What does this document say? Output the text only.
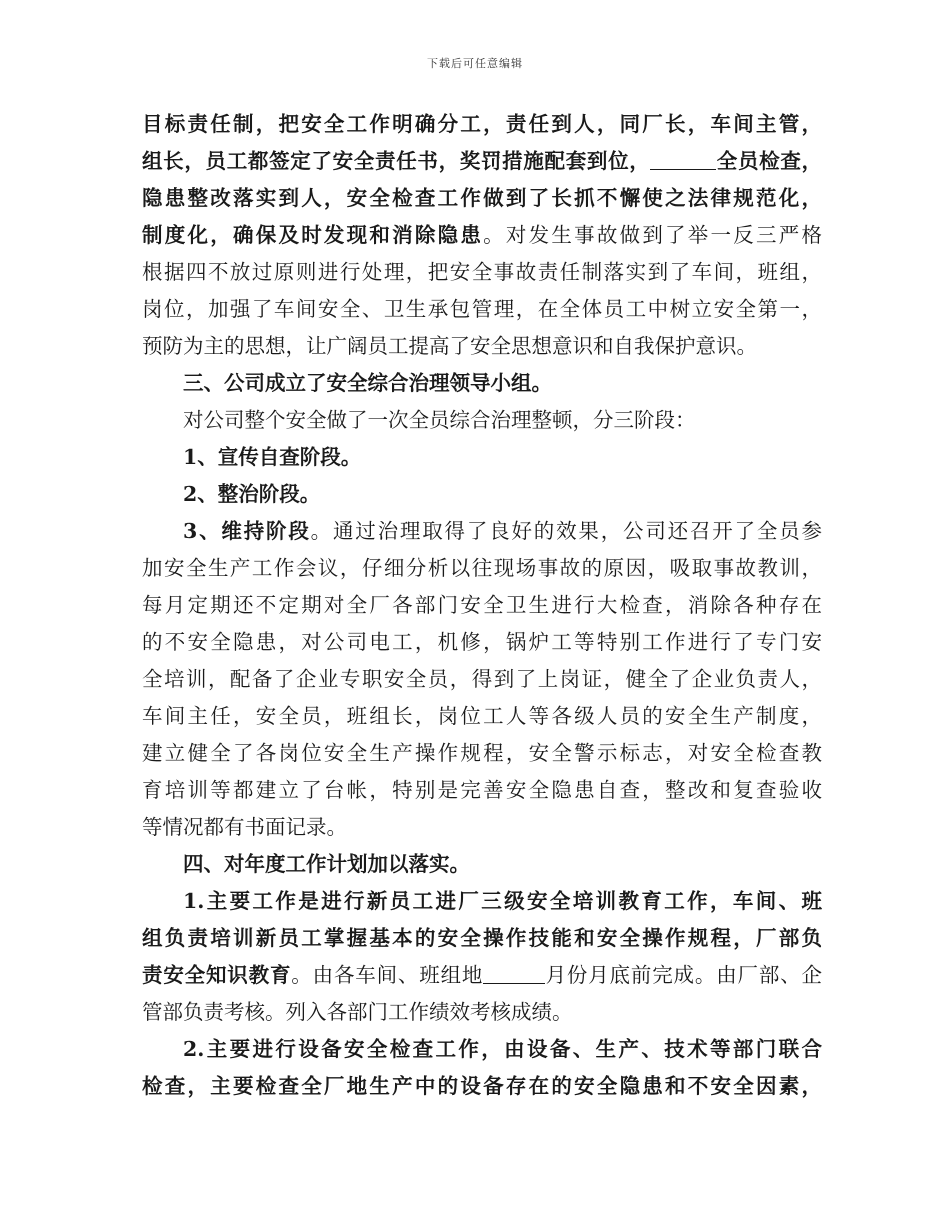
下载后可任意编辑
目标责任制，把安全工作明确分工，责任到人，同厂长，车间主管，
组长，员工都签定了安全责任书，奖罚措施配套到位，	全员检查，
隐患整改落实到人，安全检查工作做到了长抓不懈使之法律规范化，
制度化，确保及时发现和消除隐患。对发生事故做到了举一反三严格
根据四不放过原则进行处理，把安全事故责任制落实到了车间，班组，
岗位，加强了车间安全、卫生承包管理，在全体员工中树立安全第一，
预防为主的思想，让广阔员工提高了安全思想意识和自我保护意识。
三、公司成立了安全综合治理领导小组。
对公司整个安全做了一次全员综合治理整顿，分三阶段：
1、宣传自查阶段。
2、整治阶段。
3、维持阶段。通过治理取得了良好的效果，公司还召开了全员参
加安全生产工作会议，仔细分析以往现场事故的原因，吸取事故教训，
每月定期还不定期对全厂各部门安全卫生进行大检查，消除各种存在
的不安全隐患，对公司电工，机修，锅炉工等特别工作进行了专门安
全培训，配备了企业专职安全员，得到了上岗证，健全了企业负责人，
车间主任，安全员，班组长，岗位工人等各级人员的安全生产制度，
建立健全了各岗位安全生产操作规程，安全警示标志，对安全检查教
育培训等都建立了台帐，特别是完善安全隐患自查，整改和复查验收
等情况都有书面记录。
四、对年度工作计划加以落实。
1.主要工作是进行新员工进厂三级安全培训教育工作，车间、班
组负责培训新员工掌握基本的安全操作技能和安全操作规程，厂部负
责安全知识教育。由各车间、班组地	月份月底前完成。由厂部、企
管部负责考核。列入各部门工作绩效考核成绩。
2.主要进行设备安全检查工作，由设备、生产、技术等部门联合
检查，主要检查全厂地生产中的设备存在的安全隐患和不安全因素，
